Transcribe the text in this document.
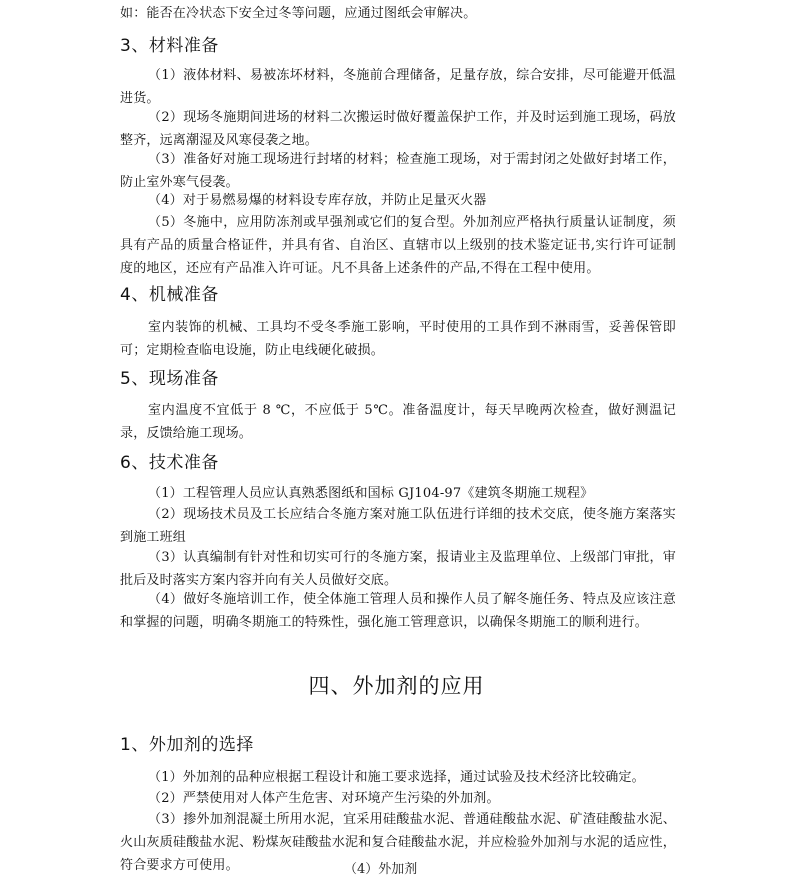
如：能否在冷状态下安全过冬等问题，应通过图纸会审解决。

3、材料准备

（1）液体材料、易被冻坏材料，冬施前合理储备，足量存放，综合安排，尽可能避开低温进货。

（2）现场冬施期间进场的材料二次搬运时做好覆盖保护工作，并及时运到施工现场，码放整齐，远离潮湿及风寒侵袭之地。

（3）准备好对施工现场进行封堵的材料；检查施工现场，对于需封闭之处做好封堵工作，防止室外寒气侵袭。

（4）对于易燃易爆的材料设专库存放，并防止足量灭火器

（5）冬施中，应用防冻剂或早强剂或它们的复合型。外加剂应严格执行质量认证制度，须具有产品的质量合格证件，并具有省、自治区、直辖市以上级别的技术鉴定证书,实行许可证制度的地区，还应有产品准入许可证。凡不具备上述条件的产品,不得在工程中使用。

4、机械准备

室内装饰的机械、工具均不受冬季施工影响，平时使用的工具作到不淋雨雪，妥善保管即可；定期检查临电设施，防止电线硬化破损。

5、现场准备

室内温度不宜低于 8 ℃，不应低于 5℃。准备温度计，每天早晚两次检查，做好测温记录，反馈给施工现场。

6、技术准备

（1）工程管理人员应认真熟悉图纸和国标 GJ104-97《建筑冬期施工规程》

（2）现场技术员及工长应结合冬施方案对施工队伍进行详细的技术交底，使冬施方案落实到施工班组

（3）认真编制有针对性和切实可行的冬施方案，报请业主及监理单位、上级部门审批，审批后及时落实方案内容并向有关人员做好交底。

（4）做好冬施培训工作，使全体施工管理人员和操作人员了解冬施任务、特点及应该注意和掌握的问题，明确冬期施工的特殊性，强化施工管理意识，以确保冬期施工的顺利进行。

四、外加剂的应用
1、外加剂的选择

（1）外加剂的品种应根据工程设计和施工要求选择，通过试验及技术经济比较确定。

（2）严禁使用对人体产生危害、对环境产生污染的外加剂。

（3）掺外加剂混凝土所用水泥，宜采用硅酸盐水泥、普通硅酸盐水泥、矿渣硅酸盐水泥、火山灰质硅酸盐水泥、粉煤灰硅酸盐水泥和复合硅酸盐水泥，并应检验外加剂与水泥的适应性，符合要求方可使用。	（4）外加剂
